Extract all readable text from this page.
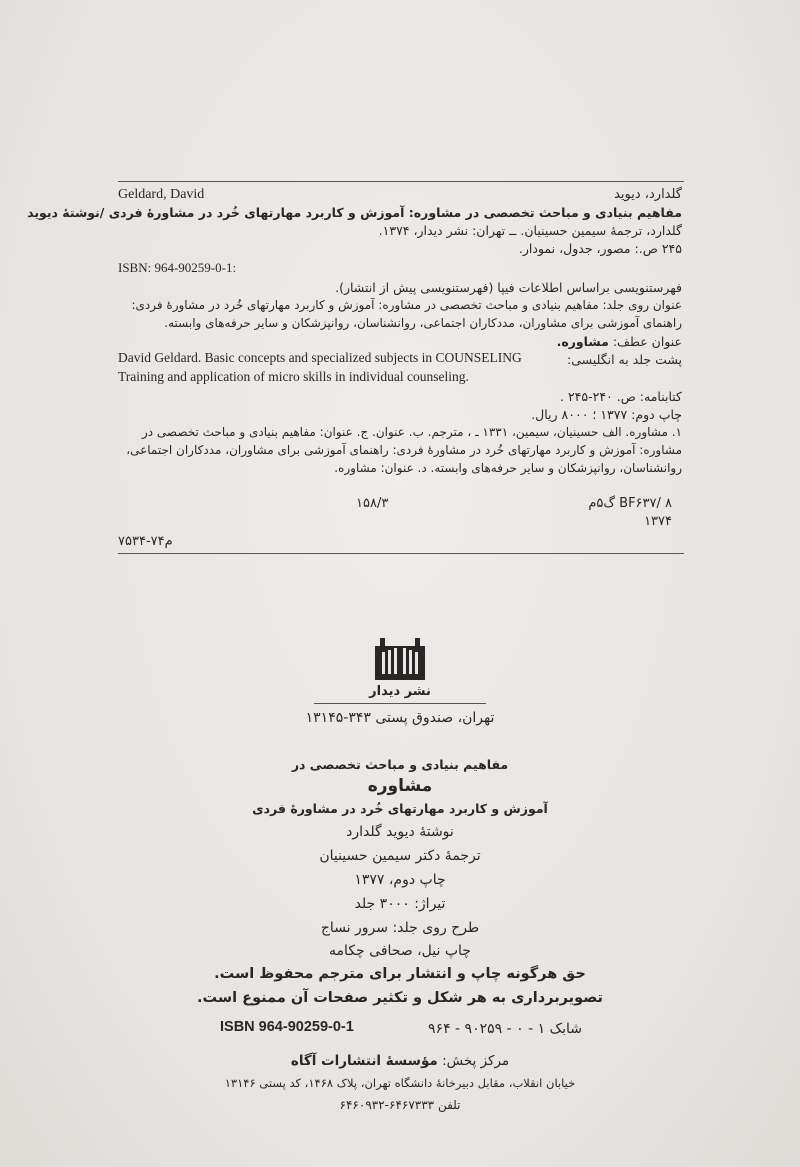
گلدارد، دیوید
Geldard, David
مفاهیم بنیادی و مباحث تخصصی در مشاوره: آموزش و کاربرد مهارتهای خُرد در مشاورهٔ فردی /نوشتهٔ دیوید
گلدارد، ترجمهٔ سیمین حسینیان. ــ تهران: نشر دیدار، ۱۳۷۴.
۲۴۵ ص.: مصور، جدول، نمودار.
ISBN: 964-90259-0-1:
فهرستنویسی براساس اطلاعات فیپا (فهرستنویسی پیش از انتشار).
عنوان روی جلد: مفاهیم بنیادی و مباحث تخصصی در مشاوره: آموزش و کاربرد مهارتهای خُرد در مشاورهٔ فردی:
راهنمای آموزشی برای مشاوران، مددکاران اجتماعی، روانشناسان، روانپزشکان و سایر حرفه‌های وابسته.
عنوان عطف: مشاوره.
پشت جلد به انگلیسی:
David Geldard. Basic concepts and specialized subjects in COUNSELING
Training and application of micro skills in individual counseling.
کتابنامه: ص. ۲۴۰-۲۴۵ .
چاپ دوم: ۱۳۷۷ ؛ ۸۰۰۰ ریال.
۱. مشاوره. الف حسینیان، سیمین، ۱۳۳۱ ـ ، مترجم. ب. عنوان. ج. عنوان: مفاهیم بنیادی و مباحث تخصصی در
مشاوره: آموزش و کاربرد مهارتهای خُرد در مشاورهٔ فردی: راهنمای آموزشی برای مشاوران، مددکاران اجتماعی،
روانشناسان، روانپزشکان و سایر حرفه‌های وابسته. د. عنوان: مشاوره.
BF۶۳۷/ ۸ گ۵م
۱۳۷۴
۱۵۸/۳
م۷۴-۷۵۳۴
نشر دیدار
تهران، صندوق پستی ۳۴۳-۱۳۱۴۵
مفاهیم بنیادی و مباحث تخصصی در
مشاوره
آموزش و کاربرد مهارتهای خُرد در مشاورهٔ فردی
نوشتهٔ دیوید گلدارد
ترجمهٔ دکتر سیمین حسینیان
چاپ دوم، ۱۳۷۷
تیراژ: ۳۰۰۰ جلد
طرح روی جلد: سرور نساج
چاپ نیل، صحافی چکامه
حق هرگونه چاپ و انتشار برای مترجم محفوظ است.
تصویربرداری به هر شکل و تکثیر صفحات آن ممنوع است.
شابک ۱ - ۰ - ۹۰۲۵۹ - ۹۶۴
ISBN 964-90259-0-1
مرکز پخش: مؤسسهٔ انتشارات آگاه
خیابان انقلاب، مقابل دبیرخانهٔ دانشگاه تهران، پلاک ۱۴۶۸، کد پستی ۱۳۱۴۶
تلفن ۶۴۶۷۳۳۳-۶۴۶۰۹۳۲
